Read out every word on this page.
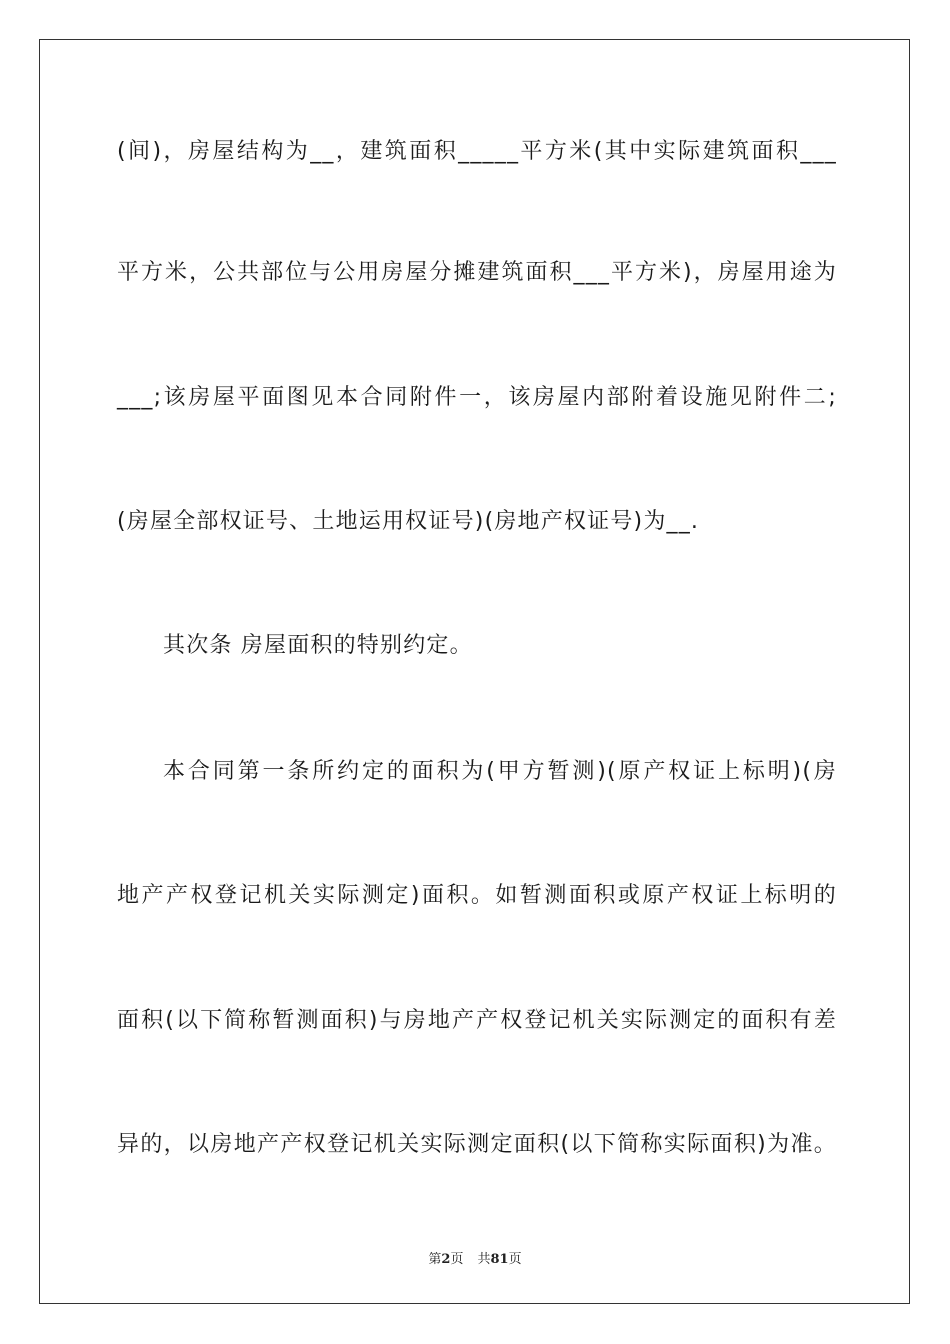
(间)，房屋结构为__，建筑面积_____平方米(其中实际建筑面积___
平方米，公共部位与公用房屋分摊建筑面积___平方米)，房屋用途为
___;该房屋平面图见本合同附件一，该房屋内部附着设施见附件二;
(房屋全部权证号、土地运用权证号)(房地产权证号)为__.
其次条 房屋面积的特别约定。
本合同第一条所约定的面积为(甲方暂测)(原产权证上标明)(房
地产产权登记机关实际测定)面积。如暂测面积或原产权证上标明的
面积(以下简称暂测面积)与房地产产权登记机关实际测定的面积有差
异的，以房地产产权登记机关实际测定面积(以下简称实际面积)为准。
第2页 共81页
